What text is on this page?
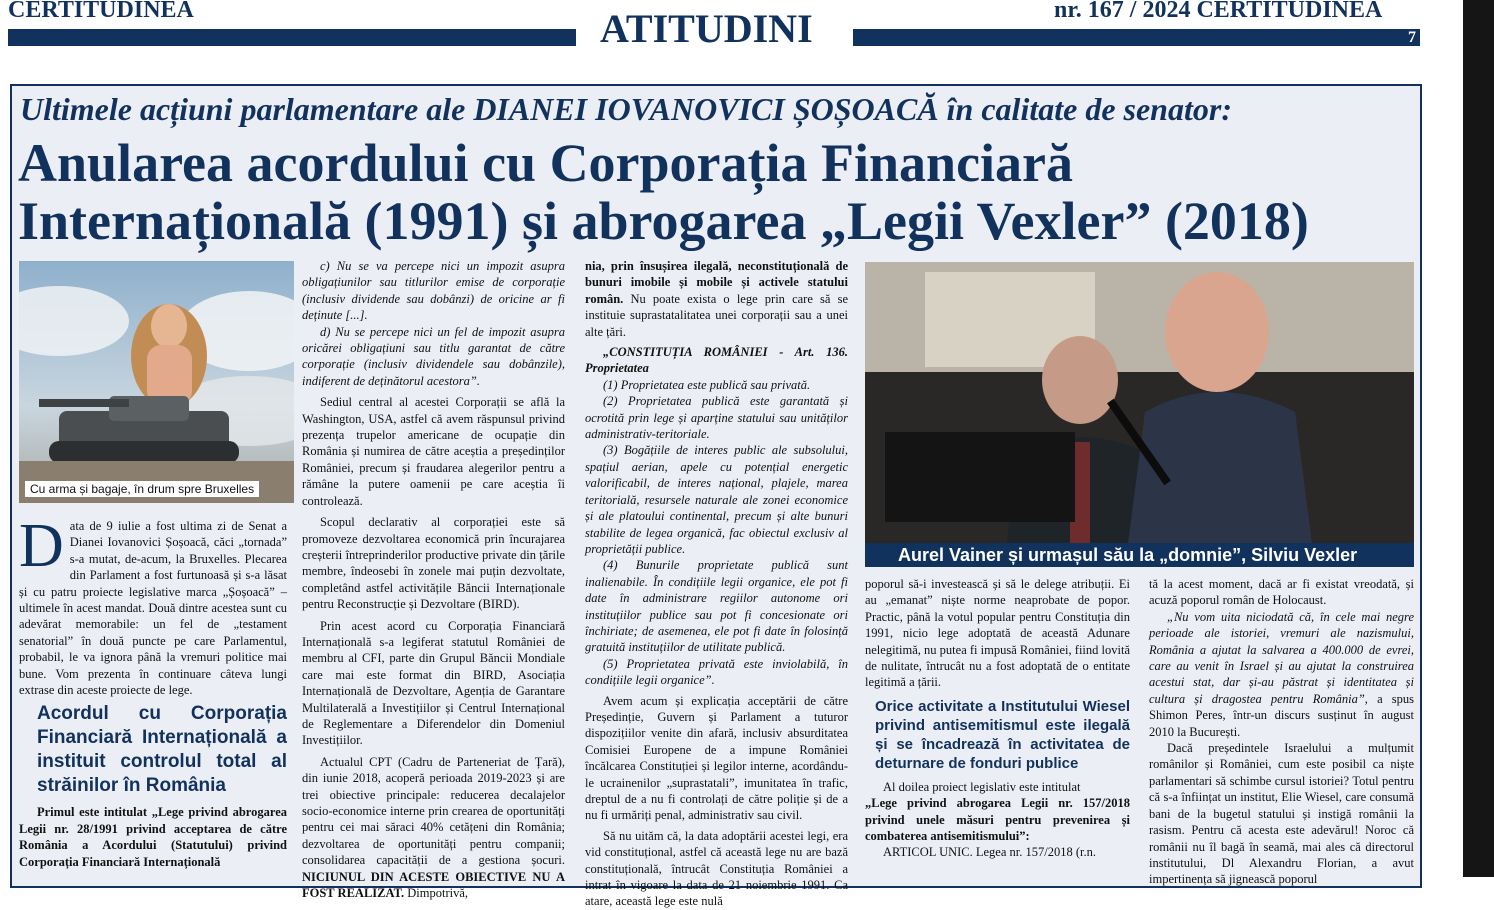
CERTITUDINEA	ATITUDINI	nr. 167 / 2024 CERTITUDINEA
7
Ultimele acțiuni parlamentare ale DIANEI IOVANOVICI ȘOȘOACĂ în calitate de senator:
Anularea acordului cu Corporația Financiară Internațională (1991) și abrogarea „Legii Vexler” (2018)
Cu arma și bagaje, în drum spre Bruxelles
Aurel Vainer și urmașul său la „domnie”, Silviu Vexler

Data de 9 iulie a fost ultima zi de Senat a Dianei Iovanovici Șoșoacă, căci „tornada” s-a mutat, de-acum, la Bruxelles. Plecarea din Parlament a fost furtunoasă și s-a lăsat și cu patru proiecte legislative marca „Șoșoacă” – ultimele în acest mandat. Două dintre acestea sunt cu adevărat memorabile: un fel de „testament senatorial” în două puncte pe care Parlamentul, probabil, le va ignora până la vremuri politice mai bune. Vom prezenta în continuare câteva lungi extrase din aceste proiecte de lege.

Acordul cu Corporația Financiară Internațională a instituit controlul total al străinilor în România

Primul este intitulat „Lege privind abrogarea Legii nr. 28/1991 privind acceptarea de către România a Acordului (Statutului) privind Corporația Financiară Internațională

c) Nu se va percepe nici un impozit asupra obligațiunilor sau titlurilor emise de corporație (inclusiv dividende sau dobânzi) de oricine ar fi deținute [...].

d) Nu se percepe nici un fel de impozit asupra oricărei obligațiuni sau titlu garantat de către corporație (inclusiv dividendele sau dobânzile), indiferent de deținătorul acestora”.

Sediul central al acestei Corporații se află la Washington, USA, astfel că avem răspunsul privind prezența trupelor americane de ocupație din România și numirea de către aceștia a președinților României, precum și fraudarea alegerilor pentru a rămâne la putere oamenii pe care aceștia îi controlează.

Scopul declarativ al corporației este să promoveze dezvoltarea economică prin încurajarea creșterii întreprinderilor productive private din țările membre, îndeosebi în zonele mai puțin dezvoltate, completând astfel activitățile Băncii Internaționale pentru Reconstrucție și Dezvoltare (BIRD).

Prin acest acord cu Corporația Financiară Internațională s-a legiferat statutul României de membru al CFI, parte din Grupul Băncii Mondiale care mai este format din BIRD, Asociația Internațională de Dezvoltare, Agenția de Garantare Multilaterală a Investițiilor și Centrul Internațional de Reglementare a Diferendelor din Domeniul Investițiilor.

Actualul CPT (Cadru de Parteneriat de Țară), din iunie 2018, acoperă perioada 2019-2023 și are trei obiective principale: reducerea decalajelor socio-economice interne prin crearea de oportunități pentru cei mai săraci 40% cetățeni din România; dezvoltarea de oportunități pentru companii; consolidarea capacității de a gestiona șocuri. NICIUNUL DIN ACESTE OBIECTIVE NU A FOST REALIZAT. Dimpotrivă,

nia, prin însușirea ilegală, neconstituțională de bunuri imobile și mobile și activele statului român. Nu poate exista o lege prin care să se instituie suprastatalitatea unei corporații sau a unei alte țări.

„CONSTITUȚIA ROMÂNIEI - Art. 136. Proprietatea

(1) Proprietatea este publică sau privată.

(2) Proprietatea publică este garantată și ocrotită prin lege și aparține statului sau unităților administrativ-teritoriale.

(3) Bogățiile de interes public ale subsolului, spațiul aerian, apele cu potențial energetic valorificabil, de interes național, plajele, marea teritorială, resursele naturale ale zonei economice și ale platoului continental, precum și alte bunuri stabilite de legea organică, fac obiectul exclusiv al proprietății publice.

(4) Bunurile proprietate publică sunt inalienabile. În condițiile legii organice, ele pot fi date în administrare regiilor autonome ori instituțiilor publice sau pot fi concesionate ori închiriate; de asemenea, ele pot fi date în folosință gratuită instituțiilor de utilitate publică.

(5) Proprietatea privată este inviolabilă, în condițiile legii organice”.

Avem acum și explicația acceptării de către Președinție, Guvern și Parlament a tuturor dispozițiilor venite din afară, inclusiv absurditatea Comisiei Europene de a impune României încălcarea Constituției și legilor interne, acordându-le ucrainenilor „suprastatali”, imunitatea în trafic, dreptul de a nu fi controlați de către poliție și de a nu fi urmăriți penal, administrativ sau civil.

Să nu uităm că, la data adoptării acestei legi, era vid constituțional, astfel că această lege nu are bază constituțională, întrucât Constituția României a intrat în vigoare la data de 21 noiembrie 1991. Ca atare, această lege este nulă

poporul să-i investească și să le delege atribuții. Ei au „emanat” niște norme neaprobate de popor. Practic, până la votul popular pentru Constituția din 1991, nicio lege adoptată de această Adunare nelegitimă, nu putea fi impusă României, fiind lovită de nulitate, întrucât nu a fost adoptată de o entitate legitimă a țării.

Orice activitate a Institutului Wiesel privind antisemitismul este ilegală și se încadrează în activitatea de deturnare de fonduri publice

Al doilea proiect legislativ este intitulat

„Lege privind abrogarea Legii nr. 157/2018 privind unele măsuri pentru prevenirea și combaterea antisemitismului”:

ARTICOL UNIC. Legea nr. 157/2018 (r.n.

tă la acest moment, dacă ar fi existat vreodată, și acuză poporul român de Holocaust.

„Nu vom uita niciodată că, în cele mai negre perioade ale istoriei, vremuri ale nazismului, România a ajutat la salvarea a 400.000 de evrei, care au venit în Israel și au ajutat la construirea acestui stat, dar și-au păstrat și identitatea și cultura și dragostea pentru România”, a spus Shimon Peres, într-un discurs susținut în august 2010 la București.

Dacă președintele Israelului a mulțumit românilor și României, cum este posibil ca niște parlamentari să schimbe cursul istoriei? Totul pentru că s-a înființat un institut, Elie Wiesel, care consumă bani de la bugetul statului și instigă românii la rasism. Pentru că acesta este adevărul! Noroc că românii nu îl bagă în seamă, mai ales că directorul institutului, Dl Alexandru Florian, a avut impertinența să jignească poporul
